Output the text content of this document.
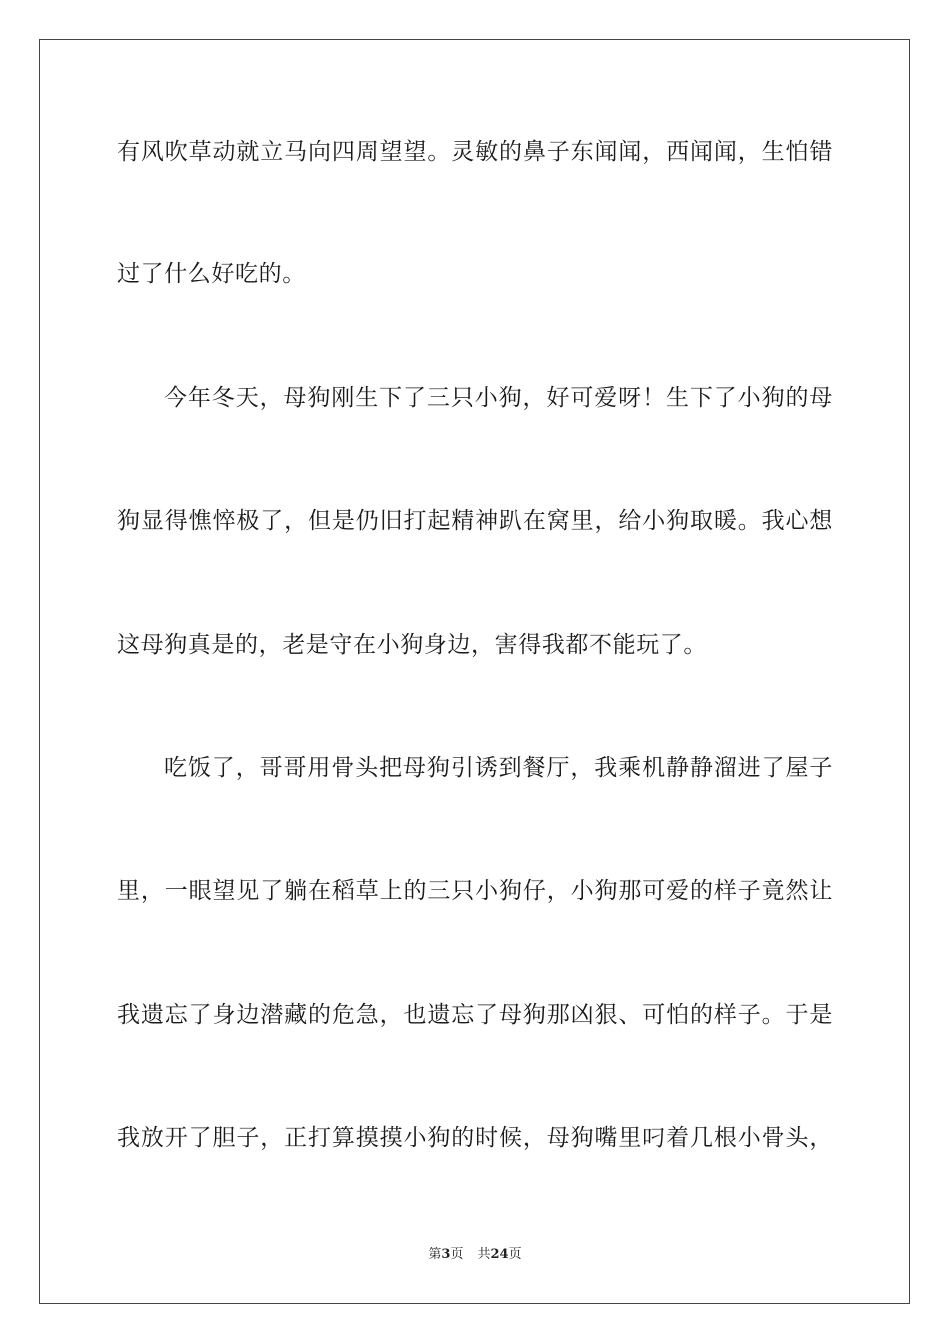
有风吹草动就立马向四周望望。灵敏的鼻子东闻闻，西闻闻，生怕错
过了什么好吃的。
今年冬天，母狗刚生下了三只小狗，好可爱呀！生下了小狗的母
狗显得憔悴极了，但是仍旧打起精神趴在窝里，给小狗取暖。我心想
这母狗真是的，老是守在小狗身边，害得我都不能玩了。
吃饭了，哥哥用骨头把母狗引诱到餐厅，我乘机静静溜进了屋子
里，一眼望见了躺在稻草上的三只小狗仔，小狗那可爱的样子竟然让
我遗忘了身边潜藏的危急，也遗忘了母狗那凶狠、可怕的样子。于是
我放开了胆子，正打算摸摸小狗的时候，母狗嘴里叼着几根小骨头，
第3页 共24页
